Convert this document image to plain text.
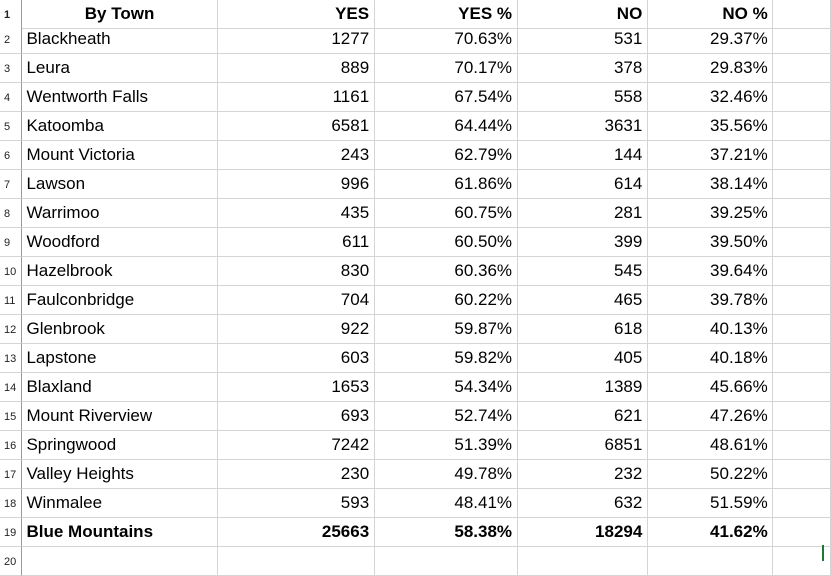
1	By Town	YES	YES %	NO	NO %
2 Blackheath	1277	70.63%	531	29.37%
3 Leura	889	70.17%	378	29.83%
4 Wentworth Falls	1161	67.54%	558	32.46%
5 Katoomba	6581	64.44%	3631	35.56%
6 Mount Victoria	243	62.79%	144	37.21%
7 Lawson	996	61.86%	614	38.14%
8 Warrimoo	435	60.75%	281	39.25%
9 Woodford	611	60.50%	399	39.50%
10 Hazelbrook	830	60.36%	545	39.64%
11 Faulconbridge	704	60.22%	465	39.78%
12 Glenbrook	922	59.87%	618	40.13%
13 Lapstone	603	59.82%	405	40.18%
14 Blaxland	1653	54.34%	1389	45.66%
15 Mount Riverview	693	52.74%	621	47.26%
16 Springwood	7242	51.39%	6851	48.61%
17 Valley Heights	230	49.78%	232	50.22%
18 Winmalee	593	48.41%	632	51.59%
19 Blue Mountains	25663	58.38%	18294	41.62%
20
